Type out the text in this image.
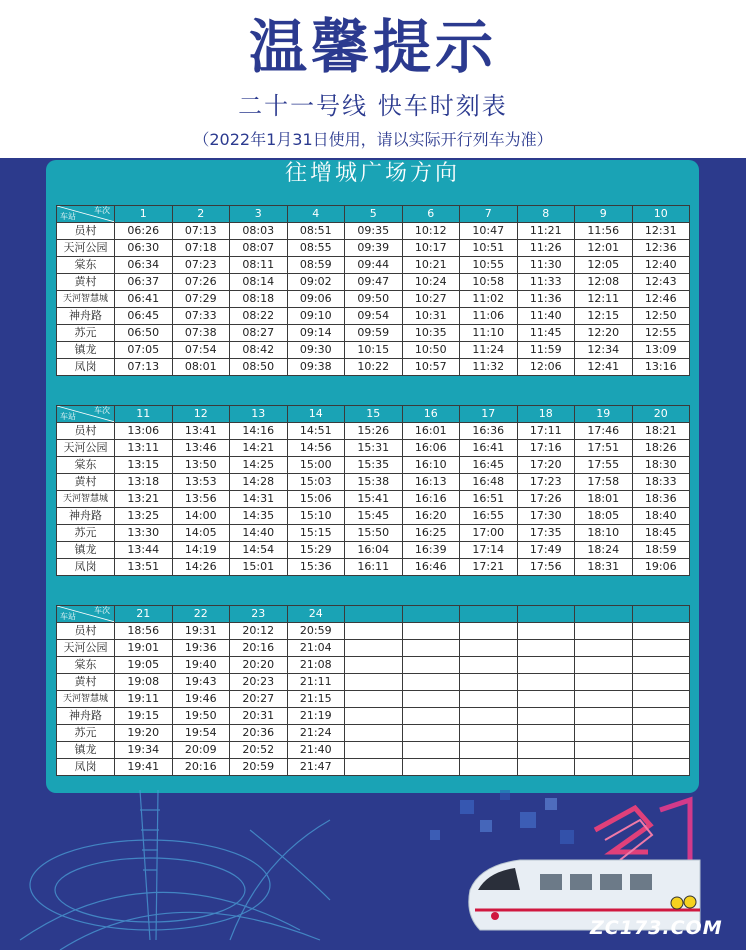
温馨提示
二十一号线 快车时刻表
（2022年1月31日使用，请以实际开行列车为准）
往增城广场方向
车次
车站	1	2	3	4	5	6	7	8	9	10
员村	06:26	07:13	08:03	08:51	09:35	10:12	10:47	11:21	11:56	12:31
天河公园	06:30	07:18	08:07	08:55	09:39	10:17	10:51	11:26	12:01	12:36
棠东	06:34	07:23	08:11	08:59	09:44	10:21	10:55	11:30	12:05	12:40
黄村	06:37	07:26	08:14	09:02	09:47	10:24	10:58	11:33	12:08	12:43
天河智慧城	06:41	07:29	08:18	09:06	09:50	10:27	11:02	11:36	12:11	12:46
神舟路	06:45	07:33	08:22	09:10	09:54	10:31	11:06	11:40	12:15	12:50
苏元	06:50	07:38	08:27	09:14	09:59	10:35	11:10	11:45	12:20	12:55
镇龙	07:05	07:54	08:42	09:30	10:15	10:50	11:24	11:59	12:34	13:09
凤岗	07:13	08:01	08:50	09:38	10:22	10:57	11:32	12:06	12:41	13:16
车次
车站	11	12	13	14	15	16	17	18	19	20
员村	13:06	13:41	14:16	14:51	15:26	16:01	16:36	17:11	17:46	18:21
天河公园	13:11	13:46	14:21	14:56	15:31	16:06	16:41	17:16	17:51	18:26
棠东	13:15	13:50	14:25	15:00	15:35	16:10	16:45	17:20	17:55	18:30
黄村	13:18	13:53	14:28	15:03	15:38	16:13	16:48	17:23	17:58	18:33
天河智慧城	13:21	13:56	14:31	15:06	15:41	16:16	16:51	17:26	18:01	18:36
神舟路	13:25	14:00	14:35	15:10	15:45	16:20	16:55	17:30	18:05	18:40
苏元	13:30	14:05	14:40	15:15	15:50	16:25	17:00	17:35	18:10	18:45
镇龙	13:44	14:19	14:54	15:29	16:04	16:39	17:14	17:49	18:24	18:59
凤岗	13:51	14:26	15:01	15:36	16:11	16:46	17:21	17:56	18:31	19:06
车次
车站	21	22	23	24						
员村	18:56	19:31	20:12	20:59						
天河公园	19:01	19:36	20:16	21:04						
棠东	19:05	19:40	20:20	21:08						
黄村	19:08	19:43	20:23	21:11						
天河智慧城	19:11	19:46	20:27	21:15						
神舟路	19:15	19:50	20:31	21:19						
苏元	19:20	19:54	20:36	21:24						
镇龙	19:34	20:09	20:52	21:40						
凤岗	19:41	20:16	20:59	21:47						
ZC173.COM
